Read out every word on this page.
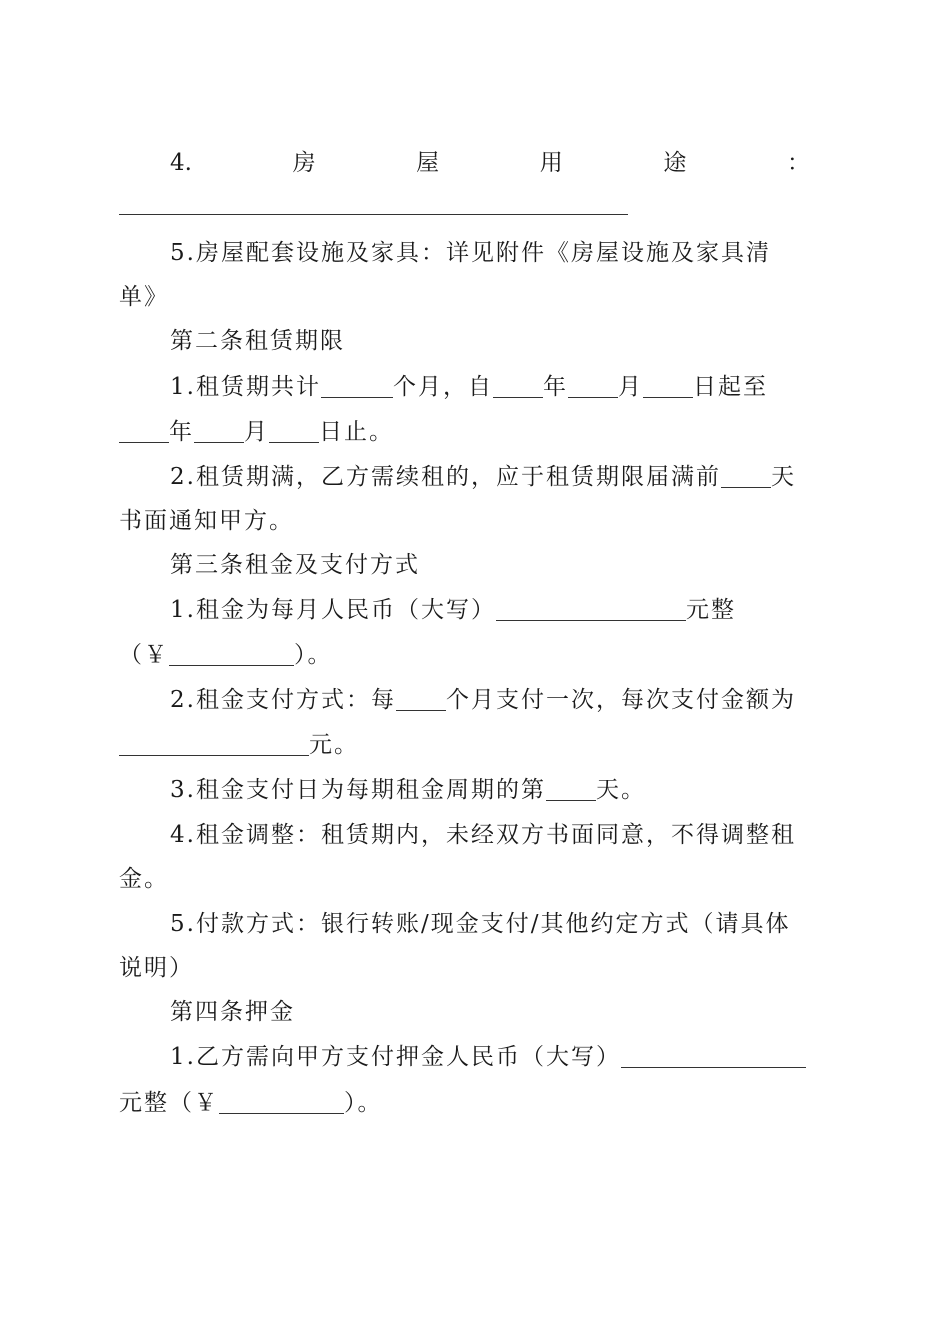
4.	房	屋	用	途	：
5.房屋配套设施及家具：详见附件《房屋设施及家具清
单》
第二条租赁期限
1.租赁期共计	个月，自 年 月 日起至
年 月 日止。
2.租赁期满，乙方需续租的，应于租赁期限届满前 天
书面通知甲方。
第三条租金及支付方式
1.租金为每月人民币（大写）	元整
（￥	）。
2.租金支付方式：每 个月支付一次，每次支付金额为
元。
3.租金支付日为每期租金周期的第 天。
4.租金调整：租赁期内，未经双方书面同意，不得调整租
金。
5.付款方式：银行转账/现金支付/其他约定方式（请具体
说明）
第四条押金
1.乙方需向甲方支付押金人民币（大写）
元整（￥	）。
